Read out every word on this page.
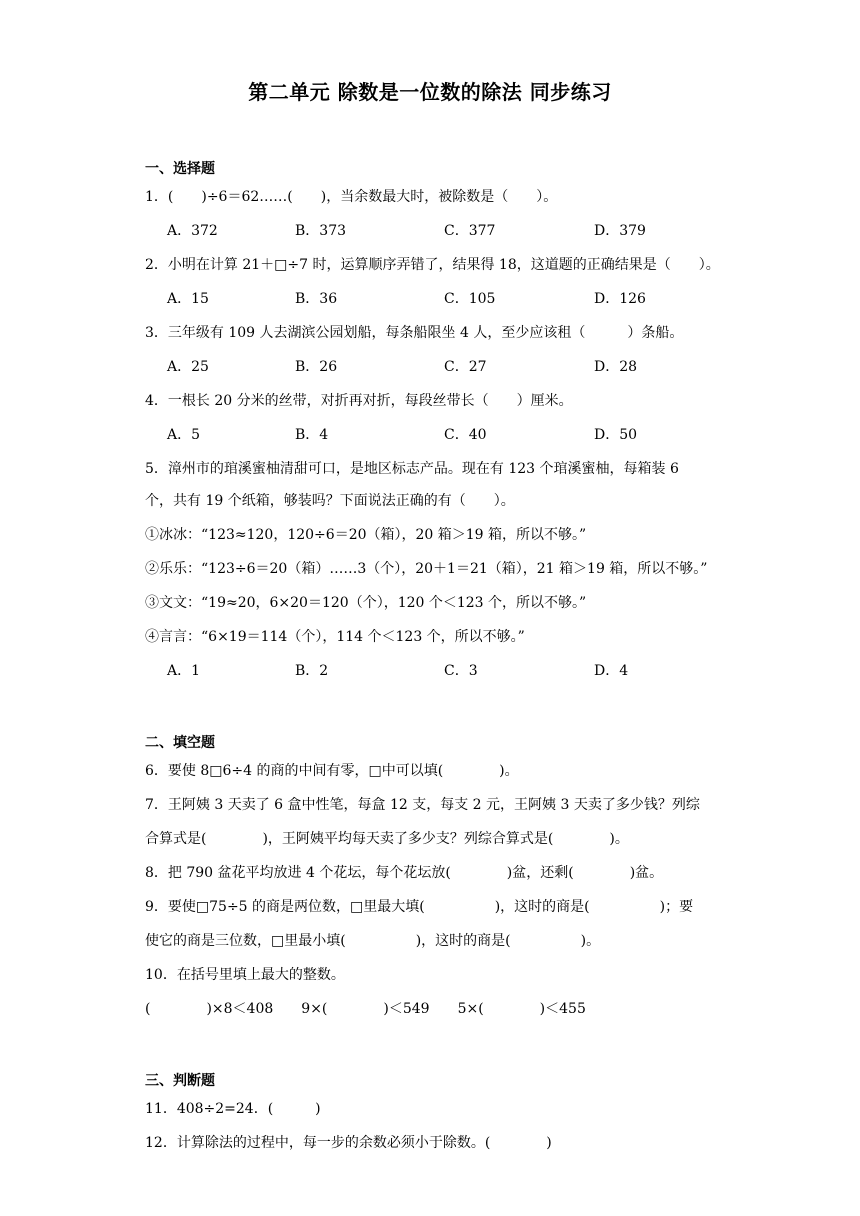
第二单元 除数是一位数的除法 同步练习
一、选择题
1．(　　)÷6＝62……(　　)，当余数最大时，被除数是（　　）。
A．372	B．373	C．377	D．379
2．小明在计算 21＋□÷7 时，运算顺序弄错了，结果得 18，这道题的正确结果是（　　）。
A．15	B．36	C．105	D．126
3．三年级有 109 人去湖滨公园划船，每条船限坐 4 人，至少应该租（　　　）条船。
A．25	B．26	C．27	D．28
4．一根长 20 分米的丝带，对折再对折，每段丝带长（　　）厘米。
A．5	B．4	C．40	D．50
5．漳州市的琯溪蜜柚清甜可口，是地区标志产品。现在有 123 个琯溪蜜柚，每箱装 6
个，共有 19 个纸箱，够装吗？下面说法正确的有（　　）。
①冰冰：“123≈120，120÷6＝20（箱），20 箱＞19 箱，所以不够。”
②乐乐：“123÷6＝20（箱）……3（个），20＋1＝21（箱），21 箱＞19 箱，所以不够。”
③文文：“19≈20，6×20＝120（个），120 个＜123 个，所以不够。”
④言言：“6×19＝114（个），114 个＜123 个，所以不够。”
A．1	B．2	C．3	D．4
二、填空题
6．要使 8□6÷4 的商的中间有零，□中可以填(　　　　)。
7．王阿姨 3 天卖了 6 盒中性笔，每盒 12 支，每支 2 元，王阿姨 3 天卖了多少钱？列综
合算式是(　　　　)，王阿姨平均每天卖了多少支？列综合算式是(　　　　)。
8．把 790 盆花平均放进 4 个花坛，每个花坛放(　　　　)盆，还剩(　　　　)盆。
9．要使□75÷5 的商是两位数，□里最大填(　　　　　)，这时的商是(　　　　　)；要
使它的商是三位数，□里最小填(　　　　　)，这时的商是(　　　　　)。
10．在括号里填上最大的整数。
(　　　　)×8＜408　　9×(　　　　)＜549　　5×(　　　　)＜455
三、判断题
11．408÷2=24．(　　　)
12．计算除法的过程中，每一步的余数必须小于除数。(　　　　)
